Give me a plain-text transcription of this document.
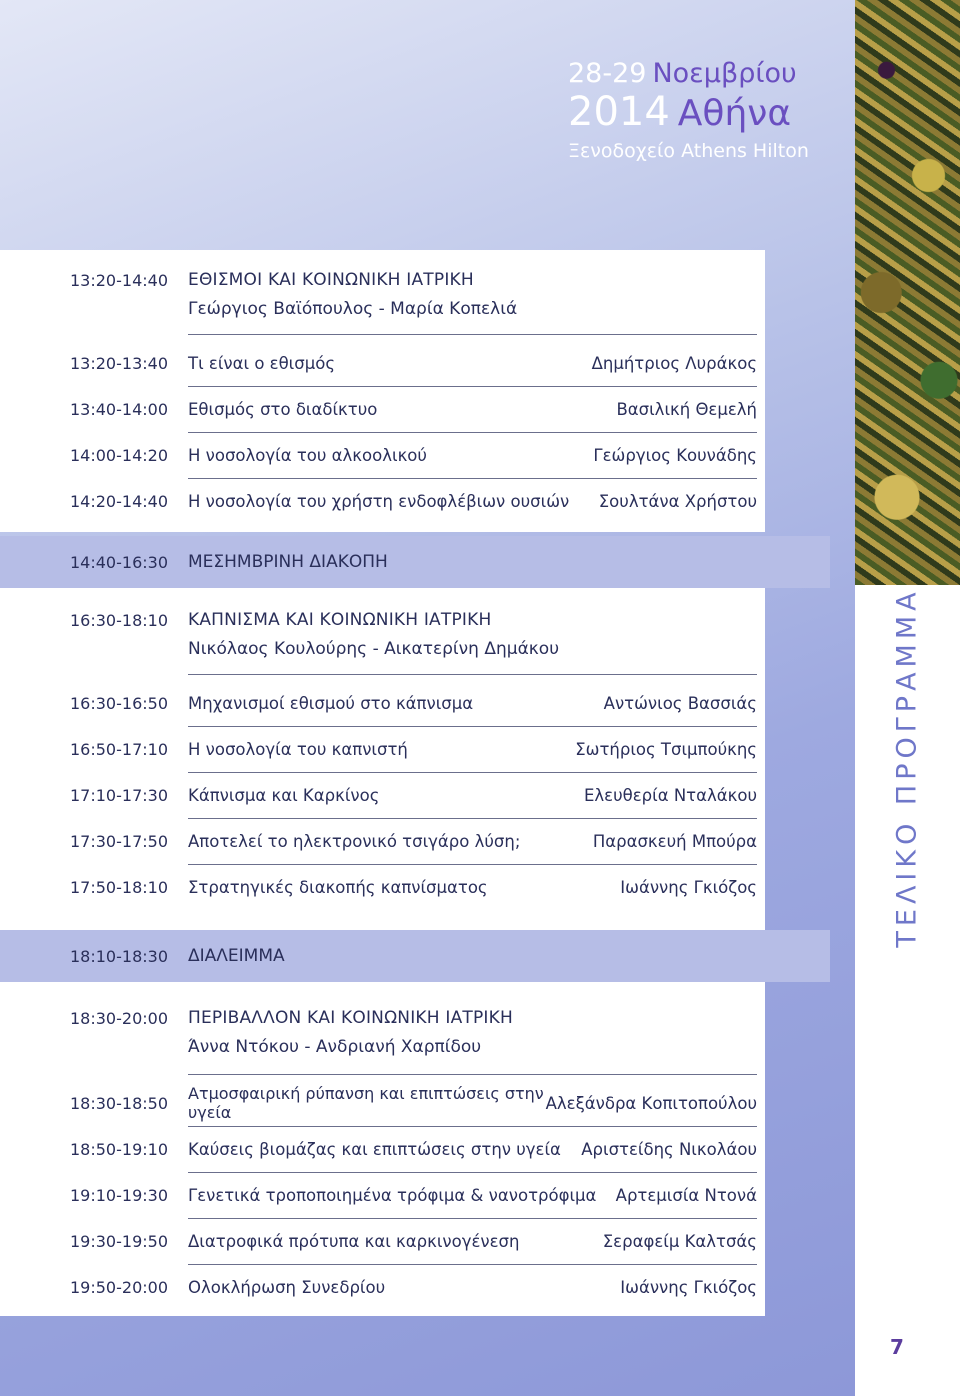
28-29 Νοεμβρίου
2014 Αθήνα
Ξενοδοχείο Athens Hilton
ΤΕΛΙΚΟ ΠΡΟΓΡΑΜΜΑ
7
13:20-14:40	ΕΘΙΣΜΟΙ ΚΑΙ ΚΟΙΝΩΝΙΚΗ ΙΑΤΡΙΚΗ
Γεώργιος Βαϊόπουλος - Μαρία Κοπελιά
13:20-13:40	Τι είναι ο εθισμός	Δημήτριος Λυράκος
13:40-14:00	Εθισμός στο διαδίκτυο	Βασιλική Θεμελή
14:00-14:20	Η νοσολογία του αλκοολικού	Γεώργιος Κουνάδης
14:20-14:40	Η νοσολογία του χρήστη ενδοφλέβιων ουσιών	Σουλτάνα Χρήστου
14:40-16:30	ΜΕΣΗΜΒΡΙΝΗ ΔΙΑΚΟΠΗ
16:30-18:10	ΚΑΠΝΙΣΜΑ ΚΑΙ ΚΟΙΝΩΝΙΚΗ ΙΑΤΡΙΚΗ
Νικόλαος Κουλούρης - Αικατερίνη Δημάκου
16:30-16:50	Μηχανισμοί εθισμού στο κάπνισμα	Αντώνιος Βασσιάς
16:50-17:10	Η νοσολογία του καπνιστή	Σωτήριος Τσιμπούκης
17:10-17:30	Κάπνισμα και Καρκίνος	Ελευθερία Νταλάκου
17:30-17:50	Αποτελεί το ηλεκτρονικό τσιγάρο λύση;	Παρασκευή Μπούρα
17:50-18:10	Στρατηγικές διακοπής καπνίσματος	Ιωάννης Γκιόζος
18:10-18:30	ΔΙΑΛΕΙΜΜΑ
18:30-20:00	ΠΕΡΙΒΑΛΛΟΝ ΚΑΙ ΚΟΙΝΩΝΙΚΗ ΙΑΤΡΙΚΗ
Άννα Ντόκου - Ανδριανή Χαρπίδου
18:30-18:50	Ατμοσφαιρική ρύπανση και επιπτώσεις στην υγεία	Αλεξάνδρα Κοπιτοπούλου
18:50-19:10	Καύσεις βιομάζας και επιπτώσεις στην υγεία	Αριστείδης Νικολάου
19:10-19:30	Γενετικά τροποποιημένα τρόφιμα & νανοτρόφιμα	Αρτεμισία Ντονά
19:30-19:50	Διατροφικά πρότυπα και καρκινογένεση	Σεραφείμ Καλτσάς
19:50-20:00	Ολοκλήρωση Συνεδρίου	Ιωάννης Γκιόζος
